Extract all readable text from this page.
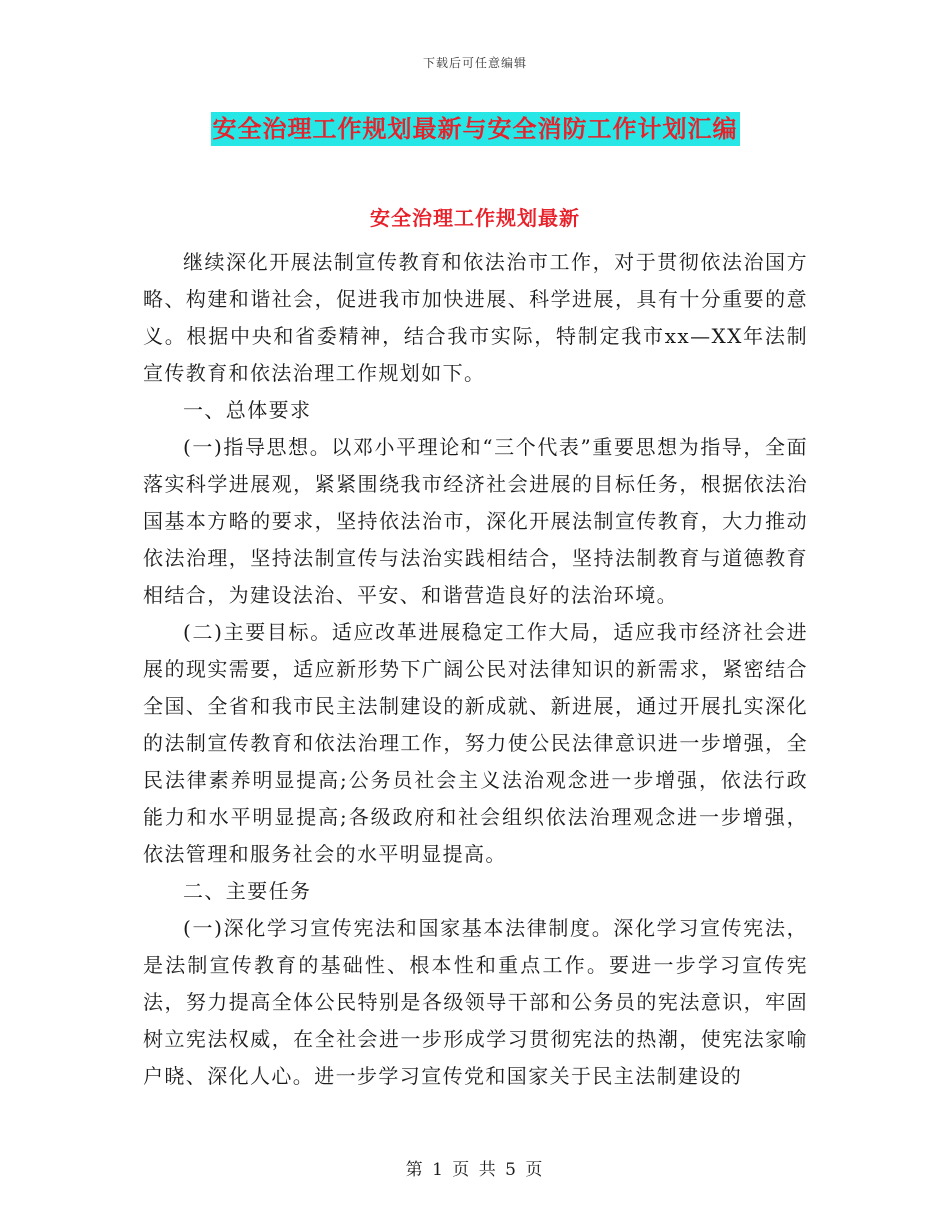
下载后可任意编辑
安全治理工作规划最新与安全消防工作计划汇编
安全治理工作规划最新

继续深化开展法制宣传教育和依法治市工作，对于贯彻依法治国方略、构建和谐社会，促进我市加快进展、科学进展，具有十分重要的意义。根据中央和省委精神，结合我市实际，特制定我市xx—XX年法制宣传教育和依法治理工作规划如下。

一、总体要求

(一)指导思想。以邓小平理论和“三个代表”重要思想为指导，全面落实科学进展观，紧紧围绕我市经济社会进展的目标任务，根据依法治国基本方略的要求，坚持依法治市，深化开展法制宣传教育，大力推动依法治理，坚持法制宣传与法治实践相结合，坚持法制教育与道德教育相结合，为建设法治、平安、和谐营造良好的法治环境。

(二)主要目标。适应改革进展稳定工作大局，适应我市经济社会进展的现实需要，适应新形势下广阔公民对法律知识的新需求，紧密结合全国、全省和我市民主法制建设的新成就、新进展，通过开展扎实深化的法制宣传教育和依法治理工作，努力使公民法律意识进一步增强，全民法律素养明显提高;公务员社会主义法治观念进一步增强，依法行政能力和水平明显提高;各级政府和社会组织依法治理观念进一步增强，依法管理和服务社会的水平明显提高。

二、主要任务

(一)深化学习宣传宪法和国家基本法律制度。深化学习宣传宪法，是法制宣传教育的基础性、根本性和重点工作。要进一步学习宣传宪法，努力提高全体公民特别是各级领导干部和公务员的宪法意识，牢固树立宪法权威，在全社会进一步形成学习贯彻宪法的热潮，使宪法家喻户晓、深化人心。进一步学习宣传党和国家关于民主法制建设的

第 1 页 共 5 页
